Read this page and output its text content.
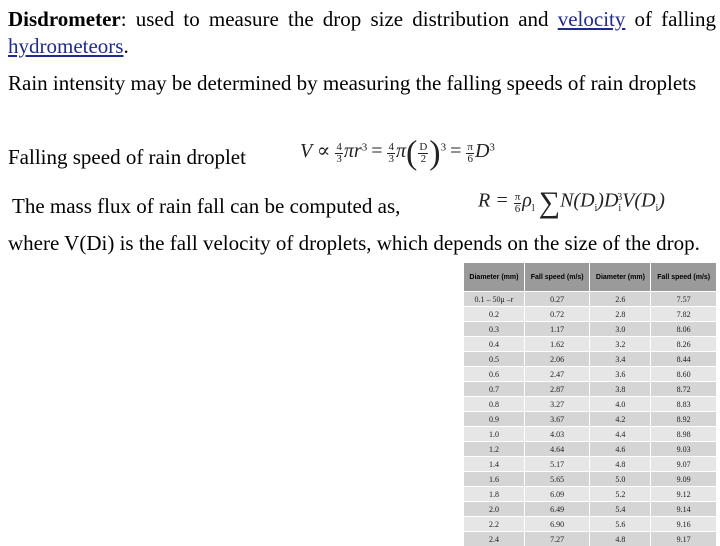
Disdrometer: used to measure the drop size distribution and velocity of falling hydrometeors.

Rain intensity may be determined by measuring the falling speeds of rain droplets

Falling speed of rain droplet	$V \propto \frac{4}{3} \pi r^3 = \frac{4}{3} \pi( \frac{D}{2} )^3 = \frac{\pi}{6} D^3$

The mass flux of rain fall can be computed as,	$R = \frac{\pi}{6} \rho_l$ $\sum N(D_i)D_i^3V(D_i)$

where V(Di) is the fall velocity of droplets, which depends on the size of the drop.

Diameter (mm)	Fall speed (m/s)	Diameter (mm)	Fall speed (m/s)
0.1 – 50μ –r	0.27	2.6	7.57
0.2	0.72	2.8	7.82
0.3	1.17	3.0	8.06
0.4	1.62	3.2	8.26
0.5	2.06	3.4	8.44
0.6	2.47	3.6	8.60
0.7	2.87	3.8	8.72
0.8	3.27	4.0	8.83
0.9	3.67	4.2	8.92
1.0	4.03	4.4	8.98
1.2	4.64	4.6	9.03
1.4	5.17	4.8	9.07
1.6	5.65	5.0	9.09
1.8	6.09	5.2	9.12
2.0	6.49	5.4	9.14
2.2	6.90	5.6	9.16
2.4	7.27	4.8	9.17
